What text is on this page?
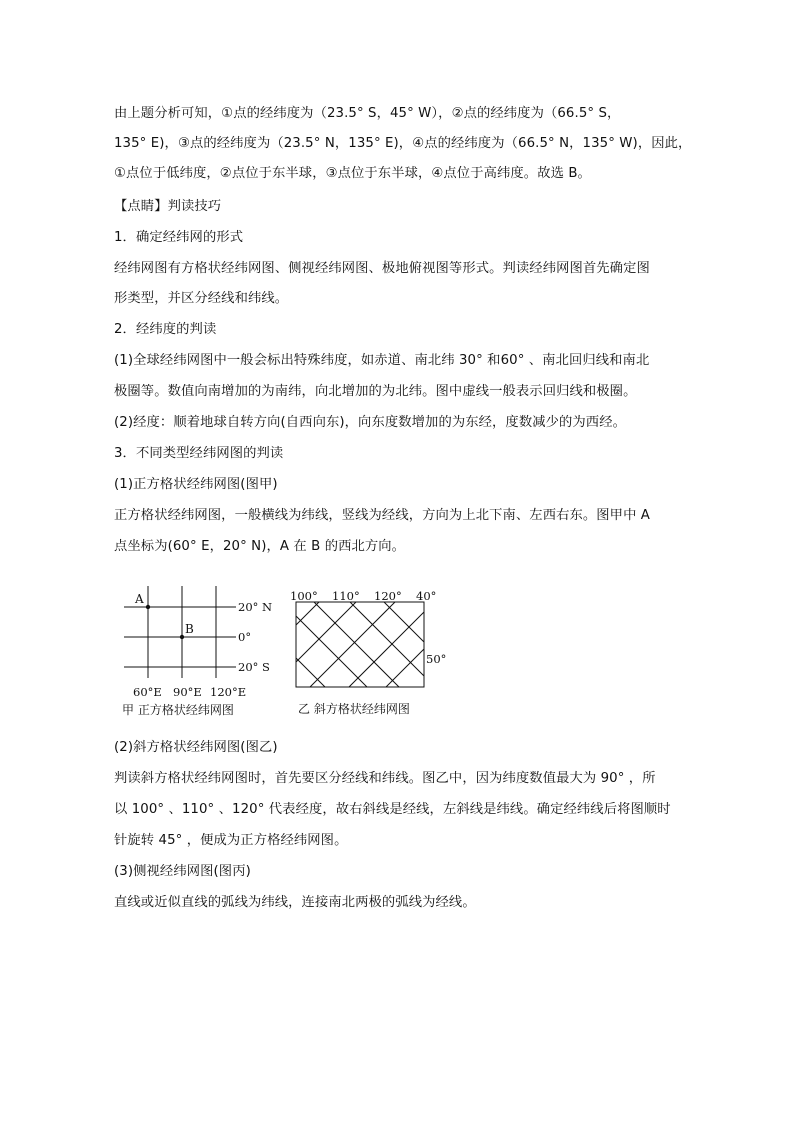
由上题分析可知，①点的经纬度为（23.5° S，45° W），②点的经纬度为（66.5° S，
135° E)，③点的经纬度为（23.5° N，135° E)，④点的经纬度为（66.5° N，135° W)，因此，
①点位于低纬度，②点位于东半球，③点位于东半球，④点位于高纬度。故选 B。
【点睛】判读技巧
1．确定经纬网的形式
经纬网图有方格状经纬网图、侧视经纬网图、极地俯视图等形式。判读经纬网图首先确定图
形类型，并区分经线和纬线。
2．经纬度的判读
(1)全球经纬网图中一般会标出特殊纬度，如赤道、南北纬 30° 和60° 、南北回归线和南北
极圈等。数值向南增加的为南纬，向北增加的为北纬。图中虚线一般表示回归线和极圈。
(2)经度：顺着地球自转方向(自西向东)，向东度数增加的为东经，度数减少的为西经。
3．不同类型经纬网图的判读
(1)正方格状经纬网图(图甲)
正方格状经纬网图，一般横线为纬线，竖线为经线，方向为上北下南、左西右东。图甲中 A
点坐标为(60° E，20° N)，A 在 B 的西北方向。
A
B
20° N
0°
20° S
60°E 90°E 120°E
甲 正方格状经纬网图
100° 110° 120° 40°
50°
乙 斜方格状经纬网图
(2)斜方格状经纬网图(图乙)
判读斜方格状经纬网图时，首先要区分经线和纬线。图乙中，因为纬度数值最大为 90° ，所
以 100° 、110° 、120° 代表经度，故右斜线是经线，左斜线是纬线。确定经纬线后将图顺时
针旋转 45° ，便成为正方格经纬网图。
(3)侧视经纬网图(图丙)
直线或近似直线的弧线为纬线，连接南北两极的弧线为经线。
